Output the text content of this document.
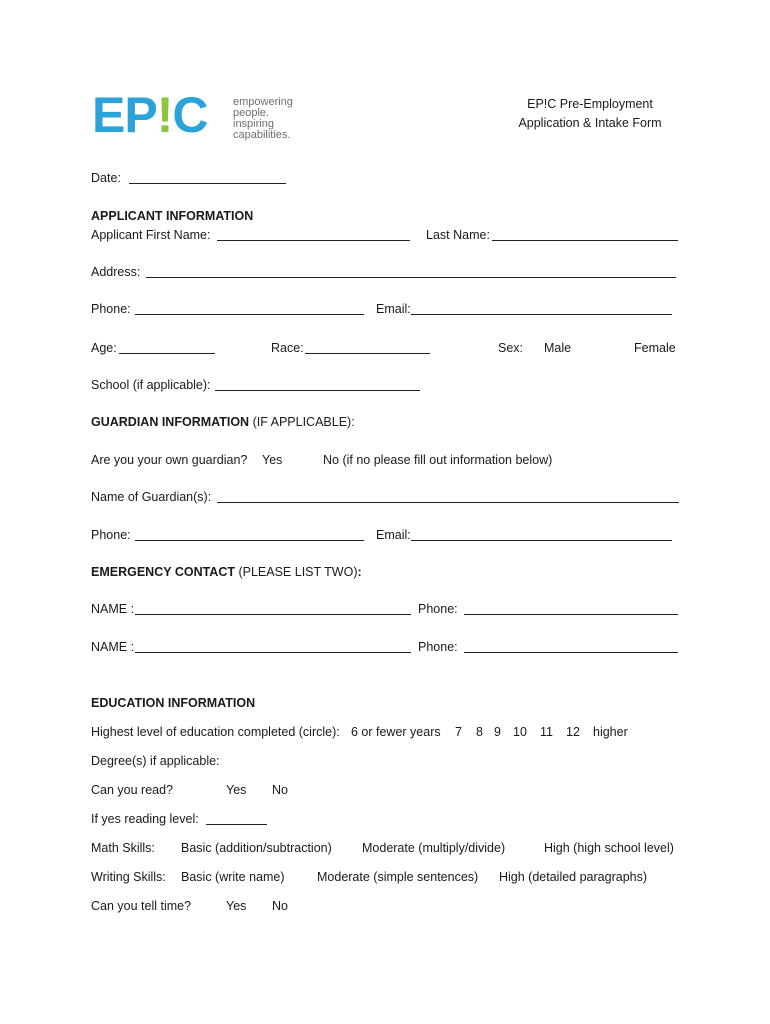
EP!C empowering
people.
inspiring
capabilities.
EP!C Pre-Employment
Application & Intake Form
Date:
APPLICANT INFORMATION
Applicant First Name:	Last Name:
Address:
Phone:	Email:
Age:	Race:	Sex: Male	Female
School (if applicable):
GUARDIAN INFORMATION (IF APPLICABLE):
Are you your own guardian? Yes	No (if no please fill out information below)
Name of Guardian(s):
Phone:	Email:
EMERGENCY CONTACT (PLEASE LIST TWO):
NAME :	Phone:
NAME :	Phone:
EDUCATION INFORMATION
Highest level of education completed (circle): 6 or fewer years 7 8 9 10 11 12 higher
Degree(s) if applicable:
Can you read?	Yes No
If yes reading level:
Math Skills: Basic (addition/subtraction) Moderate (multiply/divide)	High (high school level)
Writing Skills: Basic (write name)	Moderate (simple sentences) High (detailed paragraphs)
Can you tell time?	Yes No
